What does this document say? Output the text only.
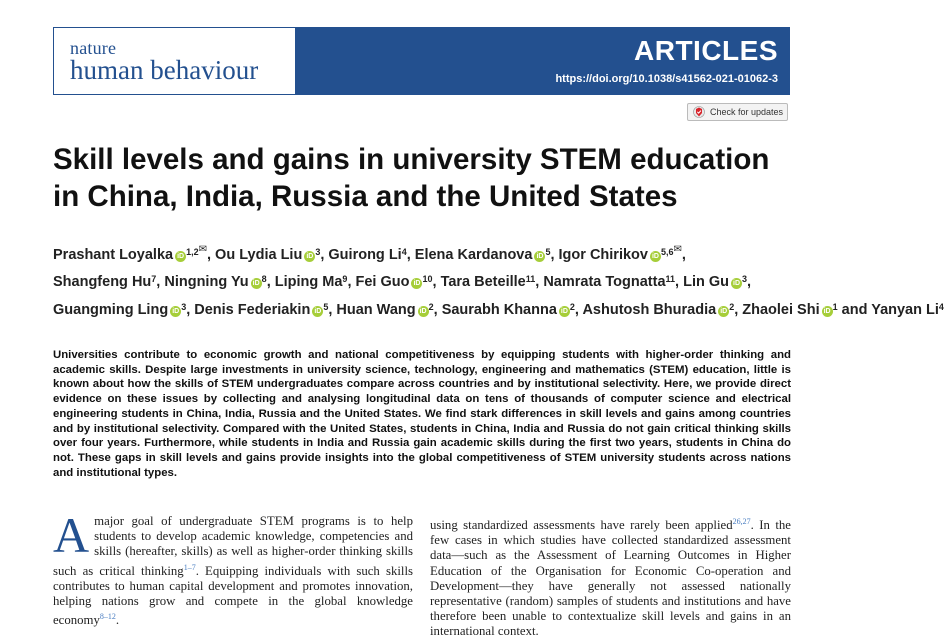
nature
human behaviour
ARTICLES
https://doi.org/10.1038/s41562-021-01062-3
Check for updates
Skill levels and gains in university STEM education in China, India, Russia and the United States
Prashant Loyalka iD $^{1,2✉}$, Ou Lydia Liu iD $^3$, Guirong Li$^4$, Elena Kardanova iD $^5$, Igor Chirikov iD $^{5,6✉}$,
Shangfeng Hu$^7$, Ningning Yu iD $^8$, Liping Ma$^9$, Fei Guo iD $^{10}$, Tara Beteille$^{11}$, Namrata Tognatta$^{11}$, Lin Gu iD $^3$,
Guangming Ling iD $^3$, Denis Federiakin iD $^5$, Huan Wang iD $^2$, Saurabh Khanna iD $^2$, Ashutosh Bhuradia iD $^2$, Zhaolei Shi iD $^1$ and Yanyan Li$^4$

Universities contribute to economic growth and national competitiveness by equipping students with higher-order thinking and academic skills. Despite large investments in university science, technology, engineering and mathematics (STEM) education, little is known about how the skills of STEM undergraduates compare across countries and by institutional selectivity. Here, we provide direct evidence on these issues by collecting and analysing longitudinal data on tens of thousands of computer science and electrical engineering students in China, India, Russia and the United States. We find stark differences in skill levels and gains among countries and by institutional selectivity. Compared with the United States, students in China, India and Russia do not gain critical thinking skills over four years. Furthermore, while students in India and Russia gain academic skills during the first two years, students in China do not. These gaps in skill levels and gains provide insights into the global competitiveness of STEM university students across nations and institutional types.

A major goal of undergraduate STEM programs is to help students to develop academic knowledge, competencies and skills (hereafter, skills) as well as higher-order thinking skills such as critical thinking$^{1-7}$. Equipping individuals with such skills contributes to human capital development and promotes innovation, helping nations grow and compete in the global knowledge economy$^{8-12}$.

using standardized assessments have rarely been applied$^{26,27}$. In the few cases in which studies have collected standardized assessment data—such as the Assessment of Learning Outcomes in Higher Education of the Organisation for Economic Co-operation and Development—they have generally not assessed nationally representative (random) samples of students and institutions and have therefore been unable to contextualize skill levels and gains in an international context.
